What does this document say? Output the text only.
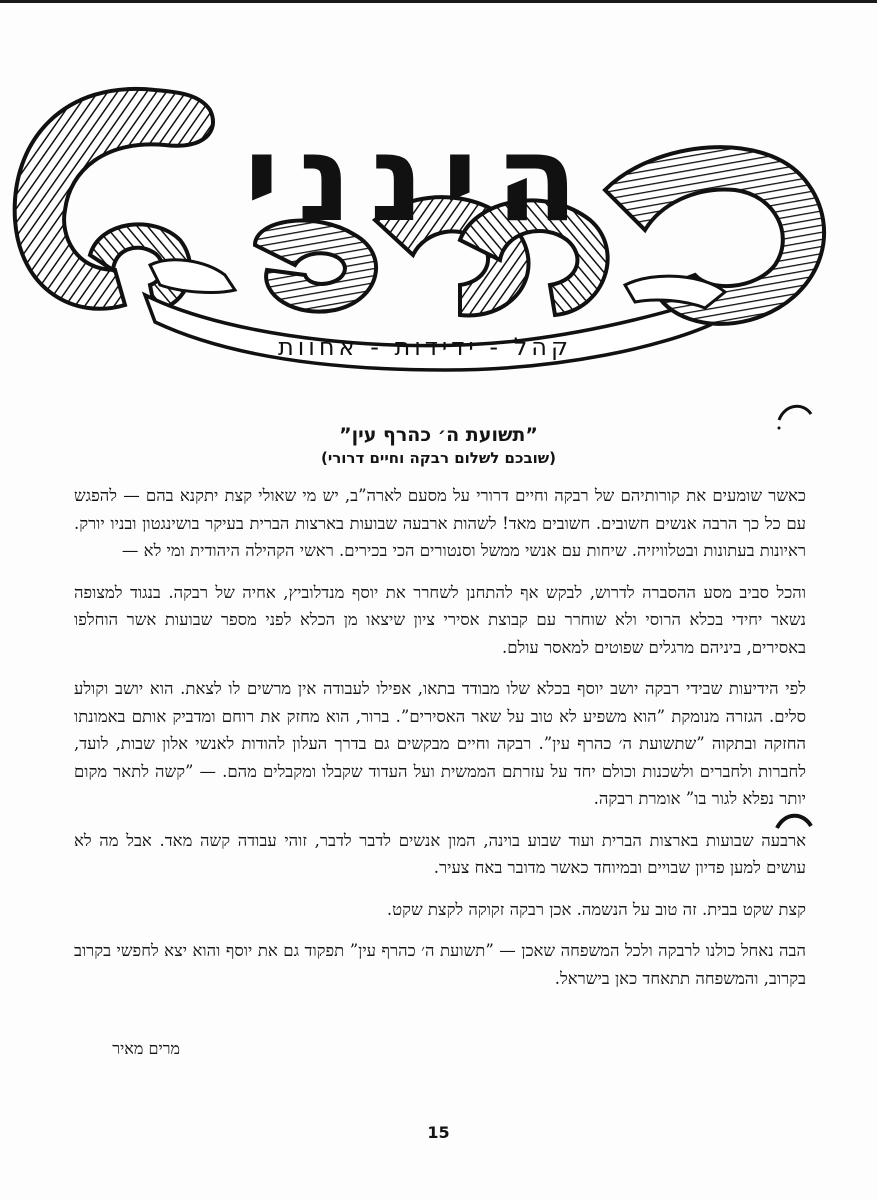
הינני
קהל - ידידות - אחוות
”תשועת ה׳ כהרף עין”
(שובכם לשלום רבקה וחיים דרורי)

כאשר שומעים את קורותיהם של רבקה וחיים דרורי על מסעם לארה”ב, יש מי שאולי קצת יתקנא בהם — להפגש עם כל כך הרבה אנשים חשובים. חשובים מאד! לשהות ארבעה שבועות בארצות הברית בעיקר בושינגטון ובניו יורק. ראיונות בעתונות ובטלוויזיה. שיחות עם אנשי ממשל וסנטורים הכי בכירים. ראשי הקהילה היהודית ומי לא —

והכל סביב מסע ההסברה לדרוש, לבקש אף להתחנן לשחרר את יוסף מנדלוביץ, אחיה של רבקה. בנגוד למצופה נשאר יחידי בכלא הרוסי ולא שוחרר עם קבוצת אסירי ציון שיצאו מן הכלא לפני מספר שבועות אשר הוחלפו באסירים, ביניהם מרגלים שפוטים למאסר עולם.

לפי הידיעות שבידי רבקה יושב יוסף בכלא שלו מבודד בתאו, אפילו לעבודה אין מרשים לו לצאת. הוא יושב וקולע סלים. הגזרה מנומקת ”הוא משפיע לא טוב על שאר האסירים”. ברור, הוא מחזק את רוחם ומדביק אותם באמונתו החזקה ובתקוה ”שתשועת ה׳ כהרף עין”. רבקה וחיים מבקשים גם בדרך העלון להודות לאנשי אלון שבות, לועד, לחברות ולחברים ולשכנות וכולם יחד על עזרתם הממשית ועל העדוד שקבלו ומקבלים מהם. — ”קשה לתאר מקום יותר נפלא לגור בו” אומרת רבקה.

ארבעה שבועות בארצות הברית ועוד שבוע בוינה, המון אנשים לדבר לדבר, זוהי עבודה קשה מאד. אבל מה לא עושים למען פדיון שבויים ובמיוחד כאשר מדובר באח צעיר.

קצת שקט בבית. זה טוב על הנשמה. אכן רבקה זקוקה לקצת שקט.

הבה נאחל כולנו לרבקה ולכל המשפחה שאכן — ”תשועת ה׳ כהרף עין” תפקוד גם את יוסף והוא יצא לחפשי בקרוב בקרוב, והמשפחה תתאחד כאן בישראל.

מרים מאיר
15
